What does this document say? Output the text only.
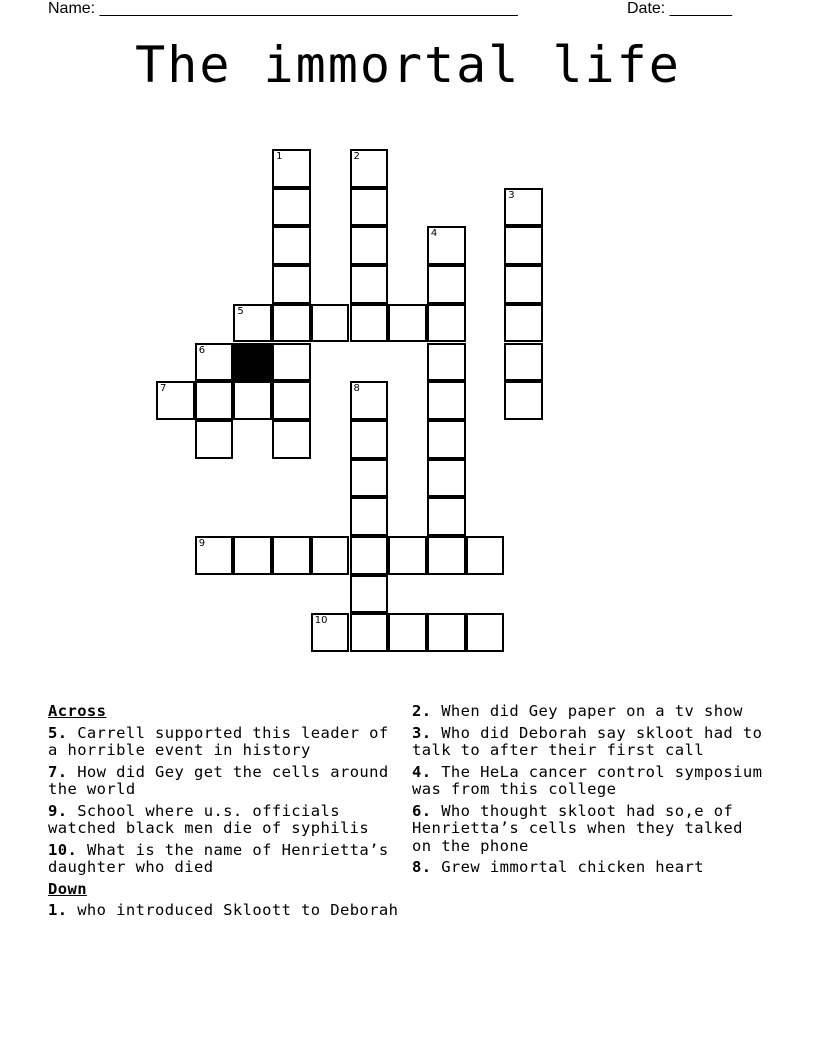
Name: _______________________________________________	Date: _______
The immortal life
1	2
3
4
5
6
7	8
9
10
Across
5. Carrell supported this leader of a horrible event in history
7. How did Gey get the cells around the world
9. School where u.s. officials watched black men die of syphilis
10. What is the name of Henrietta’s daughter who died
Down
1. who introduced Skloott to Deborah
2. When did Gey paper on a tv show
3. Who did Deborah say skloot had to talk to after their first call
4. The HeLa cancer control symposium was from this college
6. Who thought skloot had so,e of Henrietta’s cells when they talked on the phone
8. Grew immortal chicken heart
